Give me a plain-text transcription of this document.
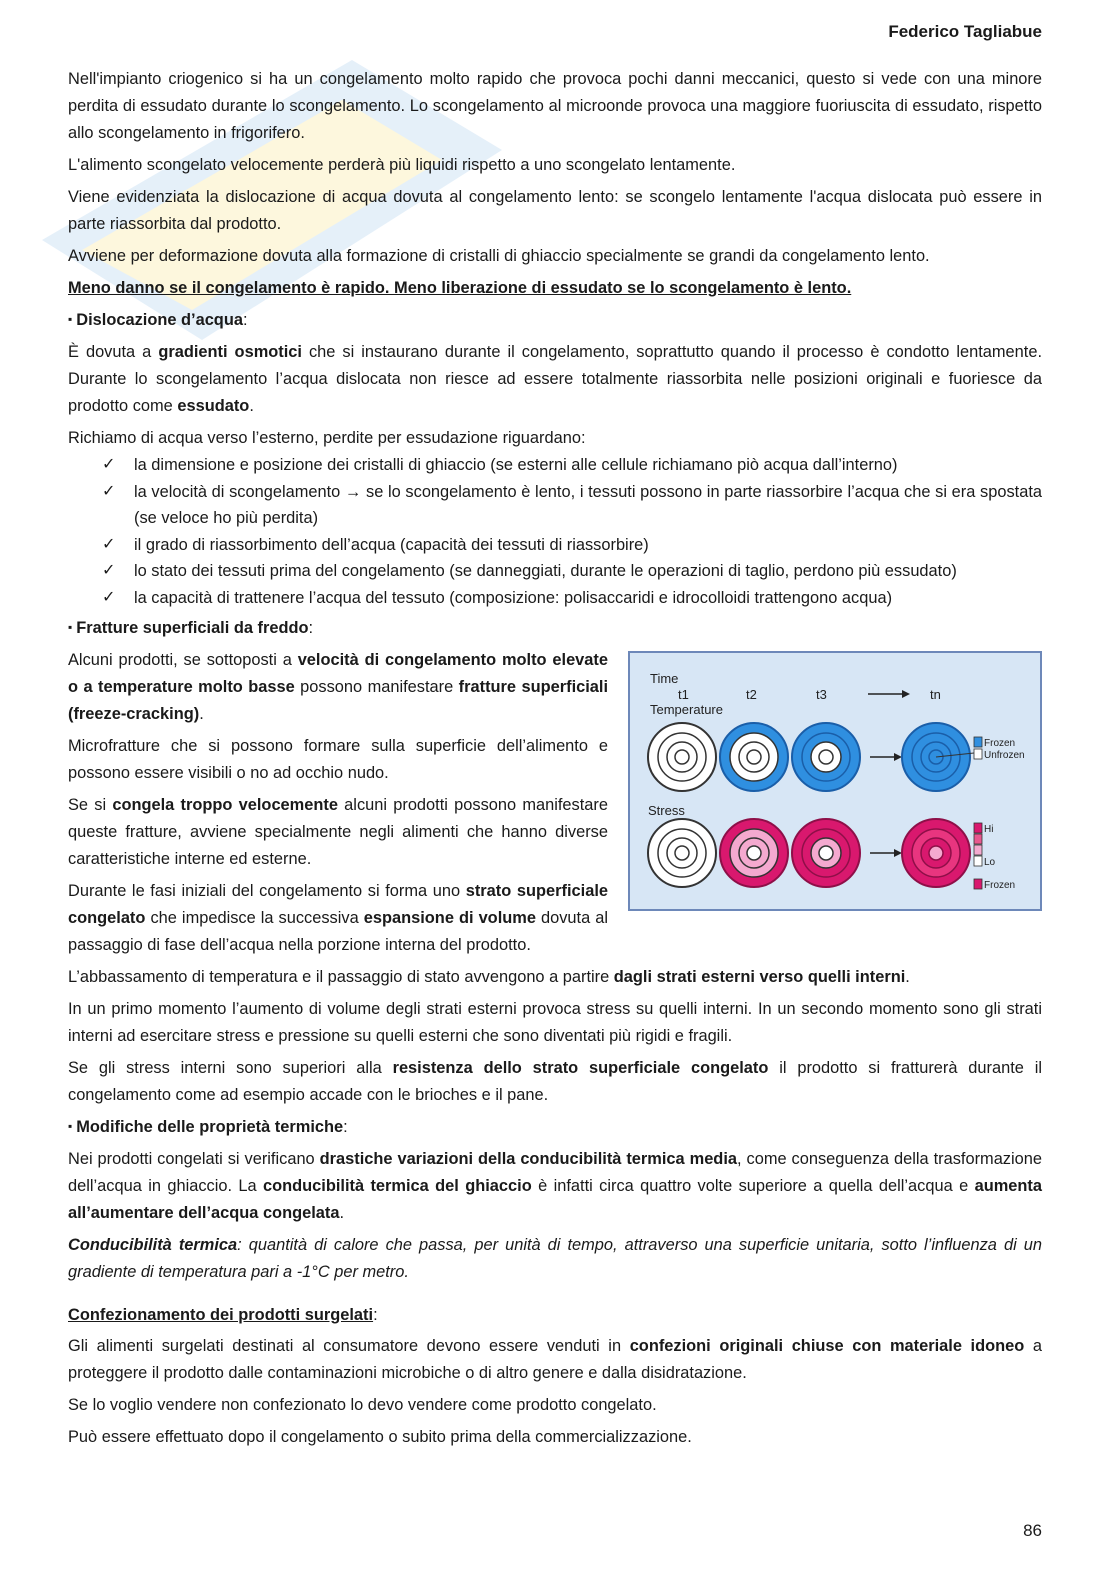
Federico Tagliabue

Nell'impianto criogenico si ha un congelamento molto rapido che provoca pochi danni meccanici, questo si vede con una minore perdita di essudato durante lo scongelamento. Lo scongelamento al microonde provoca una maggiore fuoriuscita di essudato, rispetto allo scongelamento in frigorifero.

L'alimento scongelato velocemente perderà più liquidi rispetto a uno scongelato lentamente.

Viene evidenziata la dislocazione di acqua dovuta al congelamento lento: se scongelo lentamente l'acqua dislocata può essere in parte riassorbita dal prodotto.

Avviene per deformazione dovuta alla formazione di cristalli di ghiaccio specialmente se grandi da congelamento lento.

Meno danno se il congelamento è rapido. Meno liberazione di essudato se lo scongelamento è lento.

▪ Dislocazione d’acqua:

È dovuta a gradienti osmotici che si instaurano durante il congelamento, soprattutto quando il processo è condotto lentamente. Durante lo scongelamento l’acqua dislocata non riesce ad essere totalmente riassorbita nelle posizioni originali e fuoriesce da prodotto come essudato.

Richiamo di acqua verso l’esterno, perdite per essudazione riguardano:

✓ la dimensione e posizione dei cristalli di ghiaccio (se esterni alle cellule richiamano piò acqua dall’interno)
✓ la velocità di scongelamento → se lo scongelamento è lento, i tessuti possono in parte riassorbire l’acqua che si era spostata (se veloce ho più perdita)
✓ il grado di riassorbimento dell’acqua (capacità dei tessuti di riassorbire)
✓ lo stato dei tessuti prima del congelamento (se danneggiati, durante le operazioni di taglio, perdono più essudato)
✓ la capacità di trattenere l’acqua del tessuto (composizione: polisaccaridi e idrocolloidi trattengono acqua)
▪ Fratture superficiali da freddo:
Time
t1
Temperature
t2	t3	tn
Frozen
Unfrozen
Stress
Hi
Lo
Frozen

Alcuni prodotti, se sottoposti a velocità di congelamento molto elevate o a temperature molto basse possono manifestare fratture superficiali (freeze-cracking).

Microfratture che si possono formare sulla superficie dell’alimento e possono essere visibili o no ad occhio nudo.

Se si congela troppo velocemente alcuni prodotti possono manifestare queste fratture, avviene specialmente negli alimenti che hanno diverse caratteristiche interne ed esterne.

Durante le fasi iniziali del congelamento si forma uno strato superficiale congelato che impedisce la successiva espansione di volume dovuta al passaggio di fase dell’acqua nella porzione interna del prodotto.

L’abbassamento di temperatura e il passaggio di stato avvengono a partire dagli strati esterni verso quelli interni.

In un primo momento l’aumento di volume degli strati esterni provoca stress su quelli interni. In un secondo momento sono gli strati interni ad esercitare stress e pressione su quelli esterni che sono diventati più rigidi e fragili.

Se gli stress interni sono superiori alla resistenza dello strato superficiale congelato il prodotto si fratturerà durante il congelamento come ad esempio accade con le brioches e il pane.

▪ Modifiche delle proprietà termiche:

Nei prodotti congelati si verificano drastiche variazioni della conducibilità termica media, come conseguenza della trasformazione dell’acqua in ghiaccio. La conducibilità termica del ghiaccio è infatti circa quattro volte superiore a quella dell’acqua e aumenta all’aumentare dell’acqua congelata.

Conducibilità termica: quantità di calore che passa, per unità di tempo, attraverso una superficie unitaria, sotto l’influenza di un gradiente di temperatura pari a -1°C per metro.

Confezionamento dei prodotti surgelati:

Gli alimenti surgelati destinati al consumatore devono essere venduti in confezioni originali chiuse con materiale idoneo a proteggere il prodotto dalle contaminazioni microbiche o di altro genere e dalla disidratazione.

Se lo voglio vendere non confezionato lo devo vendere come prodotto congelato.

Può essere effettuato dopo il congelamento o subito prima della commercializzazione.

86
